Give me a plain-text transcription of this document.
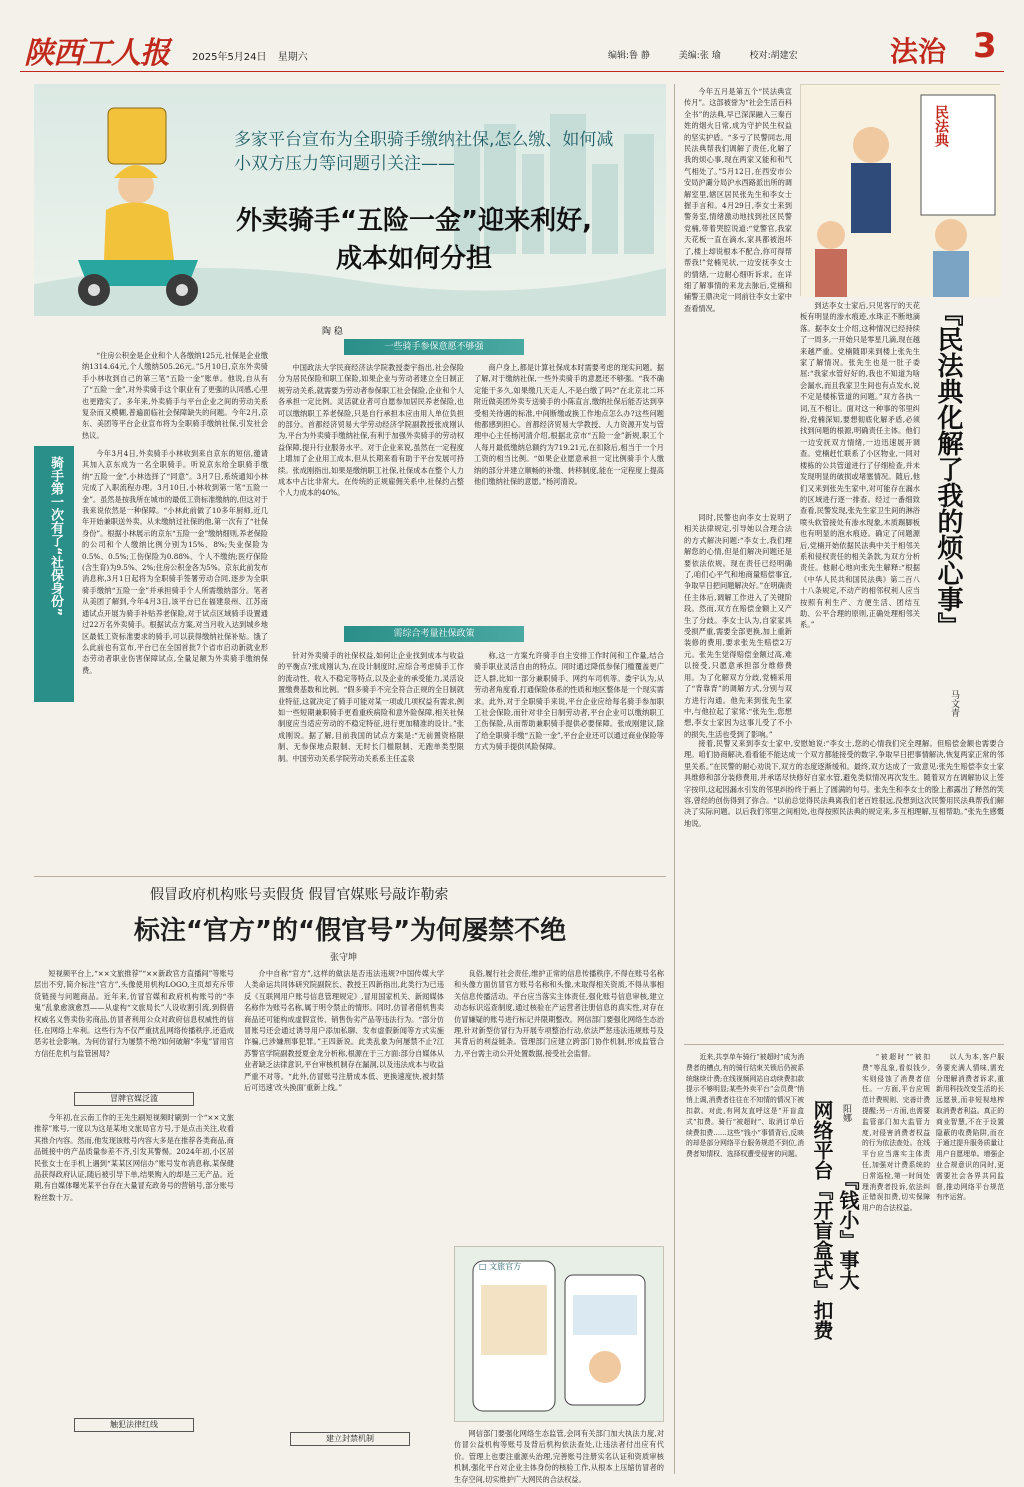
陕西工人报 2025年5月24日 星期六	编辑:鲁 静	美编:张 瑜	校对:胡建宏	法治 3
多家平台宣布为全职骑手缴纳社保,怎么缴、如何减小双方压力等问题引关注——
外卖骑手“五险一金”迎来利好,
成本如何分担
陶 稳

“住房公积金是企业和个人各缴纳125元,社保是企业缴纳1314.64元,个人缴纳505.26元。”5月10日,京东外卖骑手小林收到自己的第三笔“五险一金”账单。他说,自从有了“五险一金”,对外卖骑手这个职业有了更强的认同感,心里也更踏实了。多年来,外卖骑手与平台企业之间的劳动关系复杂而又模糊,普遍面临社会保障缺失的问题。今年2月,京东、美团等平台企业宣布将为全职骑手缴纳社保,引发社会热议。

骑手第一次有了“社保身份”

今年3月4日,外卖骑手小林收到来自京东的短信,邀请其加入京东成为一名全职骑手。听说京东给全职骑手缴纳“五险一金”,小林选择了“同意”。3月7日,系统通知小林完成了入职流程办理。3月10日,小林收到第一笔“五险一金”。虽然是按我所在城市的最低工资标准缴纳的,但这对于我来说依然是一种保障。“小林此前做了10多年厨师,近几年开始兼职送外卖。从未缴纳过社保的他,第一次有了“社保身份”。根据小林展示的京东“五险一金”缴纳细则,养老保险的公司和个人缴纳比例分别为15%、8%;失业保险为0.5%、0.5%;工伤保险为0.88%、个人不缴纳;医疗保险(含生育)为9.5%、2%;住房公积金各为5%。京东此前发布消息称,3月1日起将为全职骑手签署劳动合同,逐步为全职骑手缴纳“五险一金”并承担骑手个人所需缴纳部分。笔者从美团了解到,今年4月3日,该平台已在福建泉州、江苏南通试点开展为骑手补贴养老保险,对于试点区域骑手设置通过22万名外卖骑手。根据试点方案,对当月收入达到城乡地区最低工资标准要求的骑手,可以获得缴纳社保补贴。饿了么此前也有宣布,平台已在全国首批7个省市启动新就业形态劳动者职业伤害保障试点,全量足额为外卖骑手缴纳保费。

一些骑手参保意愿不够强

中国政法大学民商经济法学院教授娄宇指出,社会保险分为居民保险和职工保险,如果企业与劳动者建立全日制正规劳动关系,就需要为劳动者参保职工社会保险,企业和个人各承担一定比例。灵活就业者可自愿参加居民养老保险,也可以缴纳职工养老保险,只是自行承担本应由用人单位负担的部分。首都经济贸易大学劳动经济学院副教授张成刚认为,平台为外卖骑手缴纳社保,有利于加强外卖骑手的劳动权益保障,提升行业服务水平。对于企业来说,虽然在一定程度上增加了企业用工成本,但从长期来看有助于平台发展可持续。张成刚指出,如果是缴纳职工社保,社保成本在整个人力成本中占比非常大。在传统的正规雇佣关系中,社保约占整个人力成本的40%。

商户身上,都是计算社保成本时需要考虑的现实问题。据了解,对于缴纳社保,一些外卖骑手的意愿还不够强。“我不确定能干多久,如果缴几天走人,不是白缴了吗?”在北京北二环附近做美团外卖专送骑手的小陈直言,缴纳社保后能否达到享受相关待遇的标准,中间断缴或换工作地点怎么办?这些问题他都感到担心。首都经济贸易大学教授、人力资源开发与管理中心主任杨河清介绍,根据北京市“五险一金”新规,职工个人每月最低缴纳总额约为719.21元,在扣除后,相当于一个月工资的相当比例。“如果企业愿意承担一定比例骑手个人缴纳的部分并建立顺畅的补缴、转移制度,能在一定程度上提高他们缴纳社保的意愿。”杨河清说。

需综合考量社保政策

针对外卖骑手的社保权益,如何让企业找到成本与收益的平衡点?张成刚认为,在设计制度时,应综合考虑骑手工作的流动性、收入不稳定等特点,以及企业的承受能力,灵活设置缴费基数和比例。“假多骑手不完全符合正规的全日制就业特征,这就决定了骑手可能对某一项或几项权益有需求,例如一些短期兼职骑手更看重疾病险和意外险保障,相关社保制度应当适应劳动的不稳定特征,进行更加精准的设计。”张成刚说。据了解,目前我国的试点方案是:“无前置资格限制、无参保地点限制、无时长门槛限制、无跑单类型限制。中国劳动关系学院劳动关系系主任孟泉

称,这一方案允许骑手自主安排工作时间和工作量,结合骑手职业灵活自由的特点。同时通过降低参保门槛覆盖更广泛人群,比如一部分兼职骑手、网约车司机等。娄宇认为,从劳动者角度看,打通保险体系的性质和地区整体是一个现实需求。此外,对于全职骑手来说,平台企业应给每名骑手参加职工社会保险,而针对非全日制劳动者,平台企业可以缴纳职工工伤保险,从而帮助兼职骑手提供必要保障。张成刚建议,除了给全职骑手缴“五险一金”,平台企业还可以通过商业保险等方式为骑手提供风险保障。

假冒政府机构账号卖假货 假冒官媒账号敲诈勒索
标注“官方”的“假官号”为何屡禁不绝
张守坤

短视频平台上,“××文旅推荐”“××新政官方直播间”等账号层出不穷,简介标注“官方”,头像使用机构LOGO,主页却充斥带货链接与问题商品。近年来,仿冒官媒和政府机构账号的“李鬼”乱象愈演愈烈——从虚构“文旅局长”人设收割引流,到假借权威名义售卖伪劣商品,仿冒者利用公众对政府信息权威性的信任,在网络上牟利。这些行为不仅严重扰乱网络传播秩序,还造成恶劣社会影响。为何仿冒行为屡禁不绝?如何破解“李鬼”冒用官方信任危机与监管困局?

冒牌官媒泛滥

今年初,在云南工作的王先生刷短视频时刷到一个“××文旅推荐”账号,一度以为这是某地文旅局官方号,于是点击关注,收看其推介内容。然而,他发现该账号内容大多是在推荐各类商品,商品链接中的产品质量参差不齐,引发其警惕。2024年初,小区居民张女士在手机上遇到“某某区网信办”账号发布消息称,某保健品获得政府认证,随后被引导下单,结果购入的却是三无产品。近期,有自媒体曝光某平台存在大量冒充政务号的营销号,部分账号粉丝数十万。

触犯法律红线

介中自称“官方”,这样的做法是否违法违规?中国传媒大学人类命运共同体研究院副院长、教授王四新指出,此类行为已违反《互联网用户账号信息管理规定》,冒用国家机关、新闻媒体名称作为账号名称,属于明令禁止的情形。同时,仿冒者借机售卖商品还可能构成虚假宣传、销售伪劣产品等违法行为。“部分仿冒账号还会通过诱导用户添加私聊、发布虚假新闻等方式实施诈骗,已涉嫌刑事犯罪。”王四新说。此类乱象为何屡禁不止?江苏警官学院副教授夏金龙分析称,根源在于三方面:部分自媒体从业者缺乏法律意识,平台审核机制存在漏洞,以及违法成本与收益严重不对等。“此外,仿冒账号注册成本低、更换速度快,被封禁后可迅速‘改头换面’重新上线。”

建立封禁机制

良俗,履行社会责任,维护正常的信息传播秩序,不得在账号名称和头像方面仿冒官方账号名称和头像,未取得相关资质,不得从事相关信息传播活动。平台应当落实主体责任,强化账号信息审核,建立动态标识巡查制度,通过核验在产运营者注册信息的真实性,对存在仿冒嫌疑的账号进行标记并限期整改。网信部门要强化网络生态治理,针对新型仿冒行为开展专项整治行动,依法严惩违法违规账号及其背后的利益链条。管理部门应建立跨部门协作机制,形成监管合力,平台需主动公开处置数据,接受社会监督。

□ 文旅官方

网信部门要强化网络生态监管,会同有关部门加大执法力度,对仿冒公益机构等账号及背后机构依法查处,让违法者付出应有代价。管理上也要注重源头治理,完善账号注册实名认证和资质审核机制,强化平台对企业主体身份的核验工作,从根本上压缩仿冒者的生存空间,切实维护广大网民的合法权益。

民法典

今年五月是第五个“民法典宣传月”。这部被誉为“社会生活百科全书”的法典,早已深深融入三秦百姓的烟火日常,成为守护民生权益的坚实护盾。“多亏了民警同志,用民法典帮我们调解了责任,化解了我的烦心事,现在两家又能和和气气相处了。”5月12日,在西安市公安局沪灞分局沪水西路派出所的调解室里,辖区居民张先生和李女士握手言和。4月29日,李女士来到警务室,情绪激动地找到社区民警党楠,带着哭腔说道:“党警官,我家天花板一直在滴水,家具都被泡坏了,楼上却说根本不配合,你可得帮帮我!”党楠见状,一边安抚李女士的情绪,一边耐心细听诉求。在详细了解事情的来龙去脉后,党楠和辅警王鼎决定一同前往李女士家中查看情况。	到达李女士家后,只见客厅的天花板有明显的渗水痕迹,水珠正不断地滴落。据李女士介绍,这种情况已经持续了一周多,一开始只是零星几滴,现在越来越严重。党楠随即来到楼上张先生家了解情况。张先生也是一肚子委屈:“我家水管好好的,我也不知道为啥会漏水,而且我家卫生间也有点发水,说不定是楼栋管道的问题。”双方各执一词,互不相让。面对这一种事的邻里纠纷,党楠深知,要想彻底化解矛盾,必须找到问题的根源,明确责任主体。他们一边安抚双方情绪,一边迅速展开调查。党楠赶忙联系了小区物业,一同对楼栋的公共管道进行了仔细检查,并未发现明显的破损或堵塞情况。随后,他们又来到张先生家中,对可能存在漏水的区域进行逐一排查。经过一番细致查看,民警发现,张先生家卫生间的淋浴喷头软管接处有渗水现象,木质踢脚板也有明显的泡水痕迹。确定了问题源后,党楠开始依据民法典中关于相邻关系和侵权责任的相关条款,为双方分析责任。他耐心地向张先生解释:“根据《中华人民共和国民法典》第二百八十八条规定,不动产的相邻权利人应当按照有利生产、方便生活、团结互助、公平合理的原则,正确处理相邻关系。”	『民法典化解了我的烦心事』
马文青

同时,民警也向李女士说明了相关法律规定,引导她以合理合法的方式解决问题:“李女士,我们理解您的心情,但是们解决问题还是要依法依规。现在责任已经明确了,咱们心平气和地商量赔偿事宜,争取早日把问题解决好。”在明确责任主体后,调解工作进入了关键阶段。然而,双方在赔偿金额上又产生了分歧。李女士认为,自家家具受损严重,需要全部更换,加上重新装修的费用,要求张先生赔偿2万元。张先生觉得赔偿金额过高,难以接受,只愿意承担部分维修费用。为了化解双方分歧,党楠采用了“背靠背”的调解方式,分别与双方进行沟通。他先来到张先生家中,与他拉起了家常:“张先生,您想想,李女士家因为这事儿受了不小的损失,生活也受到了影响。”

接着,民警又来到李女士家中,安慰她说:“李女士,您的心情我们完全理解。但赔偿金额也需要合理。咱们协商解决,看看能不能达成一个双方都能接受的数字,争取早日把事情解决,恢复两家正常的邻里关系。”在民警的耐心劝说下,双方的态度逐渐缓和。最终,双方达成了一致意见:张先生赔偿李女士家具维修和部分装修费用,并承诺尽快修好自家水管,避免类似情况再次发生。随着双方在调解协议上签字按印,这起因漏水引发的邻里纠纷终于画上了圆满的句号。张先生和李女士的脸上都露出了释然的笑容,曾经的创伤得到了弥合。“以前总觉得民法典离我们老百姓很远,没想到这次民警用民法典帮我们解决了实际问题。以后我们邻里之间相处,也得按照民法典的规定来,多互相理解,互相帮助。”张先生感慨地说。

近来,共享单车骑行“被超时”成为消费者的槽点,有的骑行结束关锁后仍被系统继续计费;在线视频网站自动续费扣款提示不够明显;某些外卖平台“会员费”悄悄上调,消费者往往在不知情的情况下被扣款。对此,有网友直呼这是“开盲盒式”扣费。骑行“被超时”、取消订单后续费扣费……这些“钱小”事情背后,反映的却是部分网络平台服务规范不到位,消费者知情权、选择权遭受侵害的问题。 网络平台『开盲盒式』扣费 『钱小』事大
阳娜

“被超时”“被扣费”等乱象,看似钱少,实则侵蚀了消费者信任。一方面,平台应规范计费规则、完善计费提醒;另一方面,也需要监管部门加大监管力度,对侵害消费者权益的行为依法查处。在线平台应当落实主体责任,加强对计费系统的日常巡检,第一时间处理消费者投诉,依法纠正错误扣费,切实保障用户的合法权益。

以人为本,客户服务要充满人情味,需充分理解消费者诉求,重新用科技改变生活的长远愿景,而非短视地榨取消费者利益。真正的商业智慧,不在于设置隐蔽的收费陷阱,而在于通过提升服务质量让用户自愿埋单。增强企业合规意识的同时,更需要社会各界共同监督,推动网络平台规范有序运营。
